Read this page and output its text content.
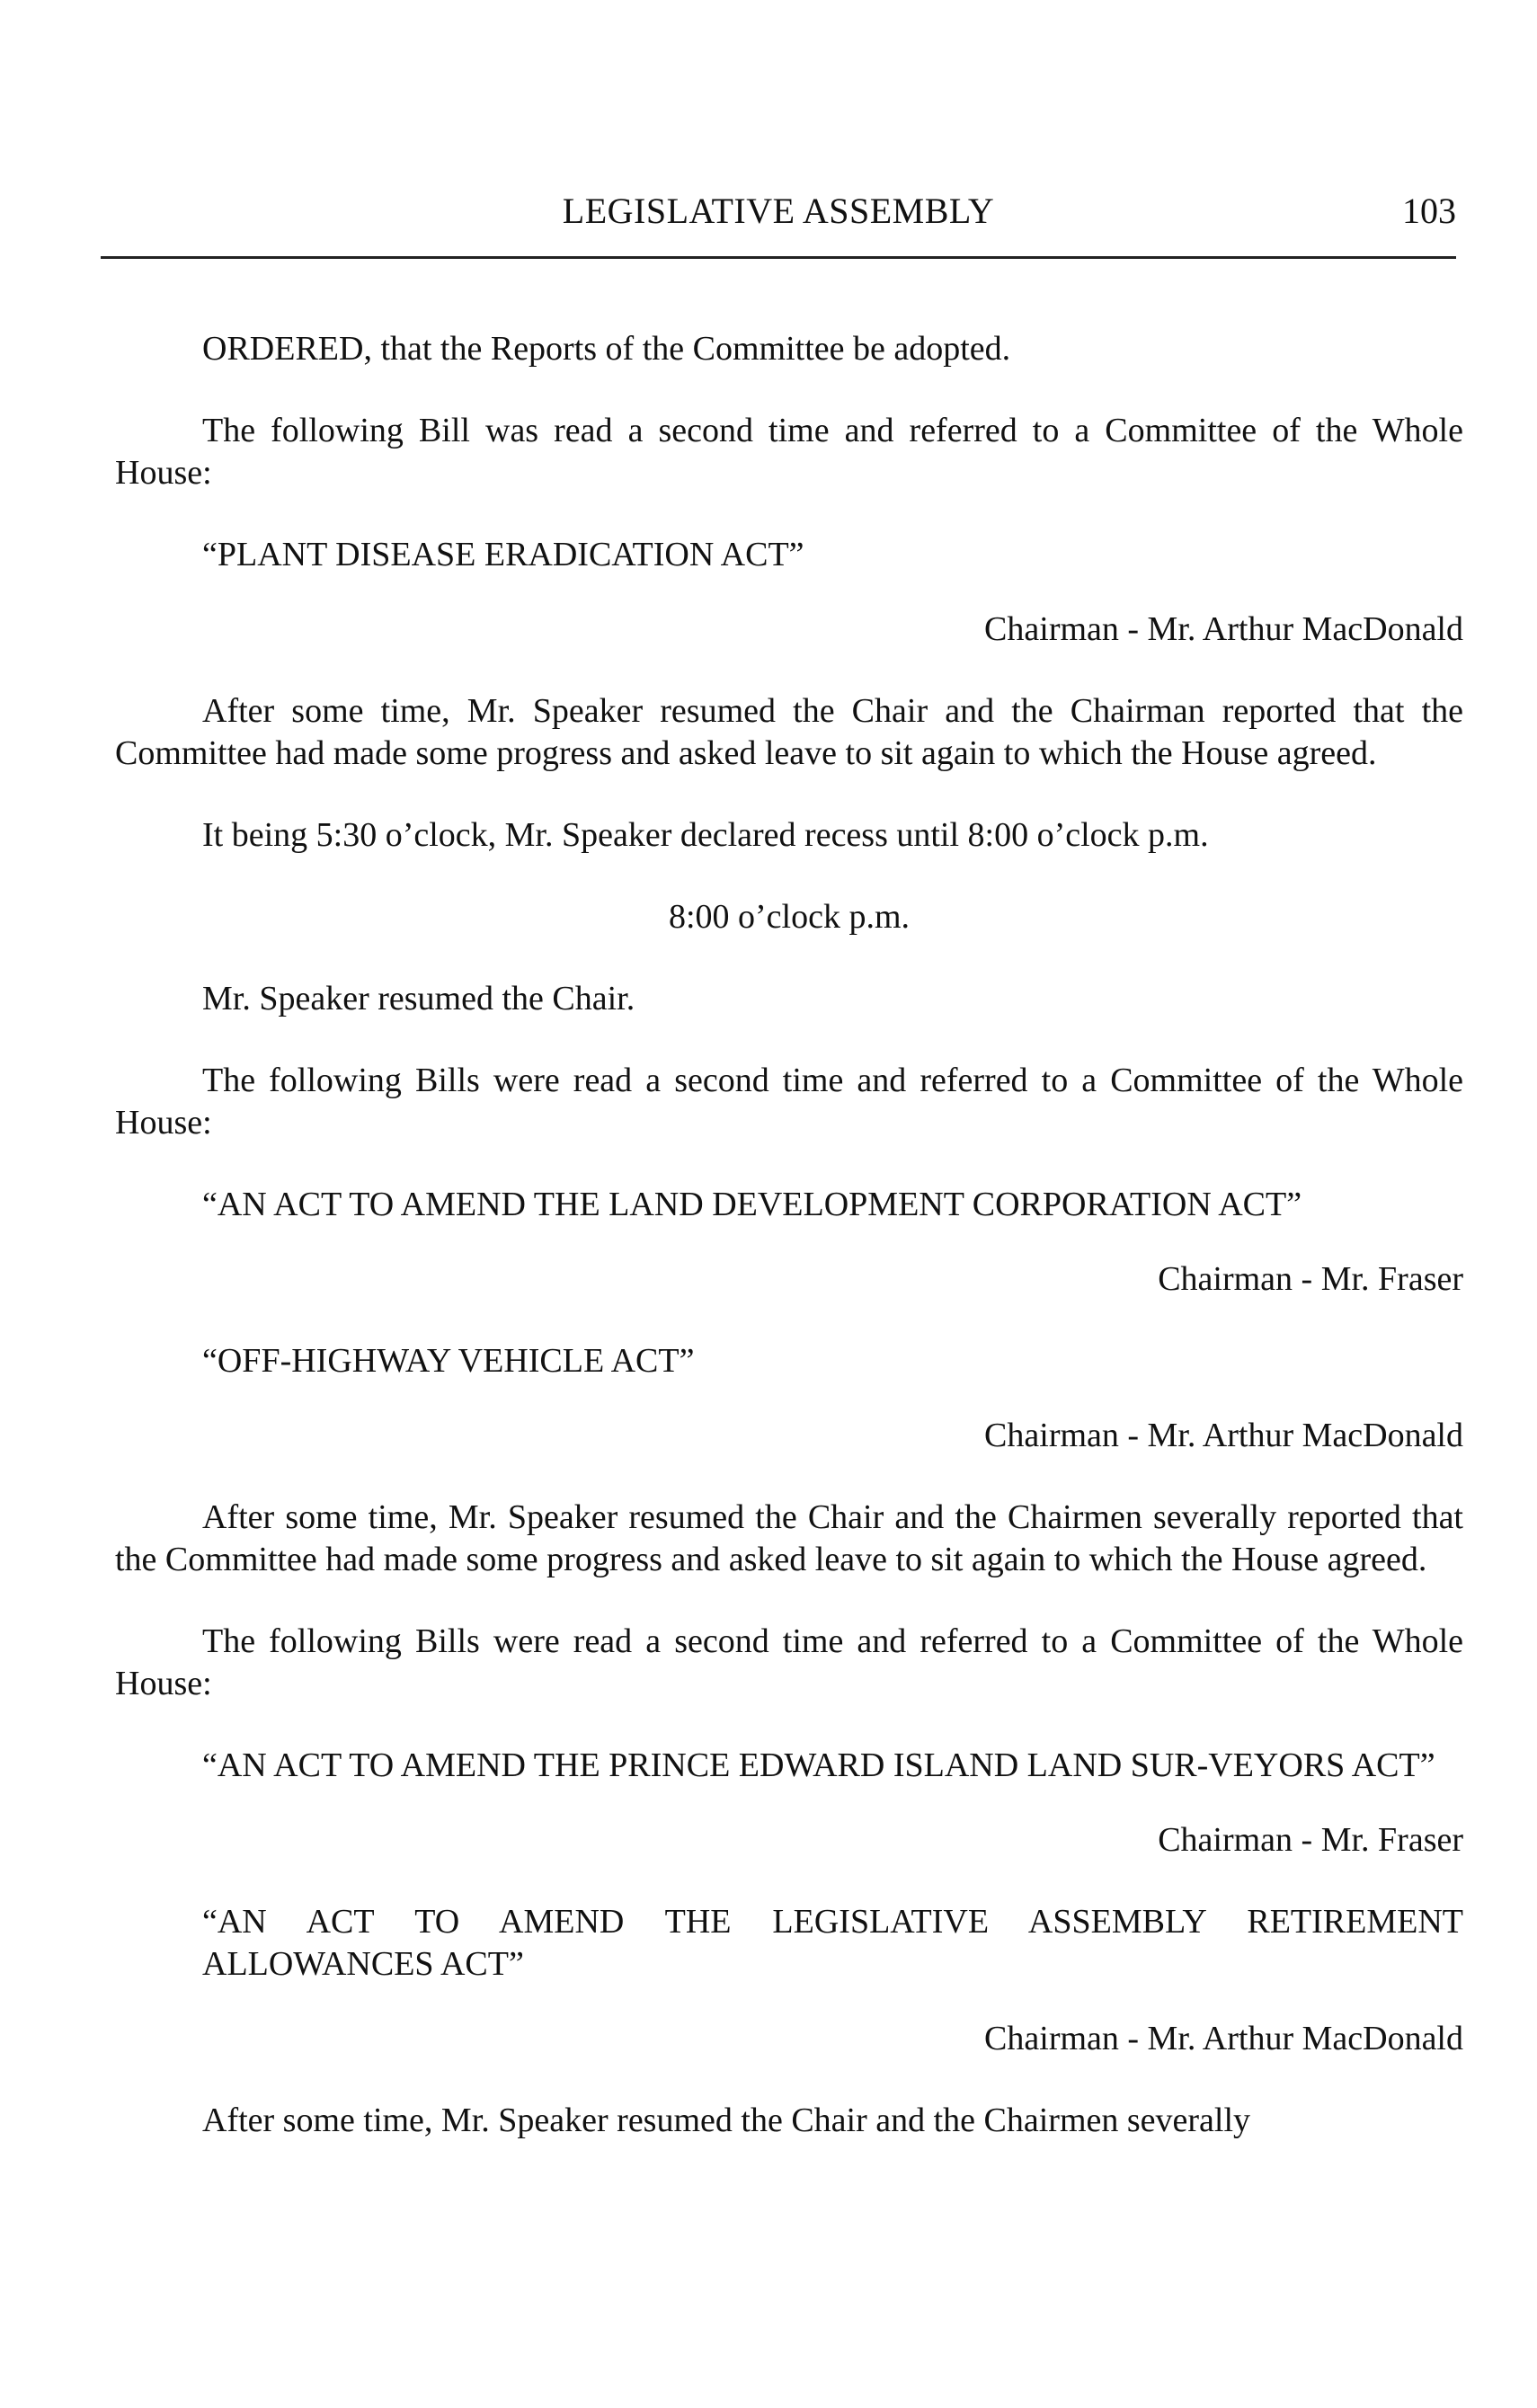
LEGISLATIVE ASSEMBLY	103

ORDERED, that the Reports of the Committee be adopted.

The following Bill was read a second time and referred to a Committee of the Whole House:

“PLANT DISEASE ERADICATION ACT”

Chairman - Mr. Arthur MacDonald

After some time, Mr. Speaker resumed the Chair and the Chairman reported that the Committee had made some progress and asked leave to sit again to which the House agreed.

It being 5:30 o’clock, Mr. Speaker declared recess until 8:00 o’clock p.m.

8:00 o’clock p.m.

Mr. Speaker resumed the Chair.

The following Bills were read a second time and referred to a Committee of the Whole House:

“AN ACT TO AMEND THE LAND DEVELOPMENT CORPORATION ACT”

Chairman - Mr. Fraser

“OFF-HIGHWAY VEHICLE ACT”

Chairman - Mr. Arthur MacDonald

After some time, Mr. Speaker resumed the Chair and the Chairmen severally reported that the Committee had made some progress and asked leave to sit again to which the House agreed.

The following Bills were read a second time and referred to a Committee of the Whole House:

“AN ACT TO AMEND THE PRINCE EDWARD ISLAND LAND SUR-VEYORS ACT”

Chairman - Mr. Fraser

“AN ACT TO AMEND THE LEGISLATIVE ASSEMBLY RETIREMENT ALLOWANCES ACT”

Chairman - Mr. Arthur MacDonald

After some time, Mr. Speaker resumed the Chair and the Chairmen severally
